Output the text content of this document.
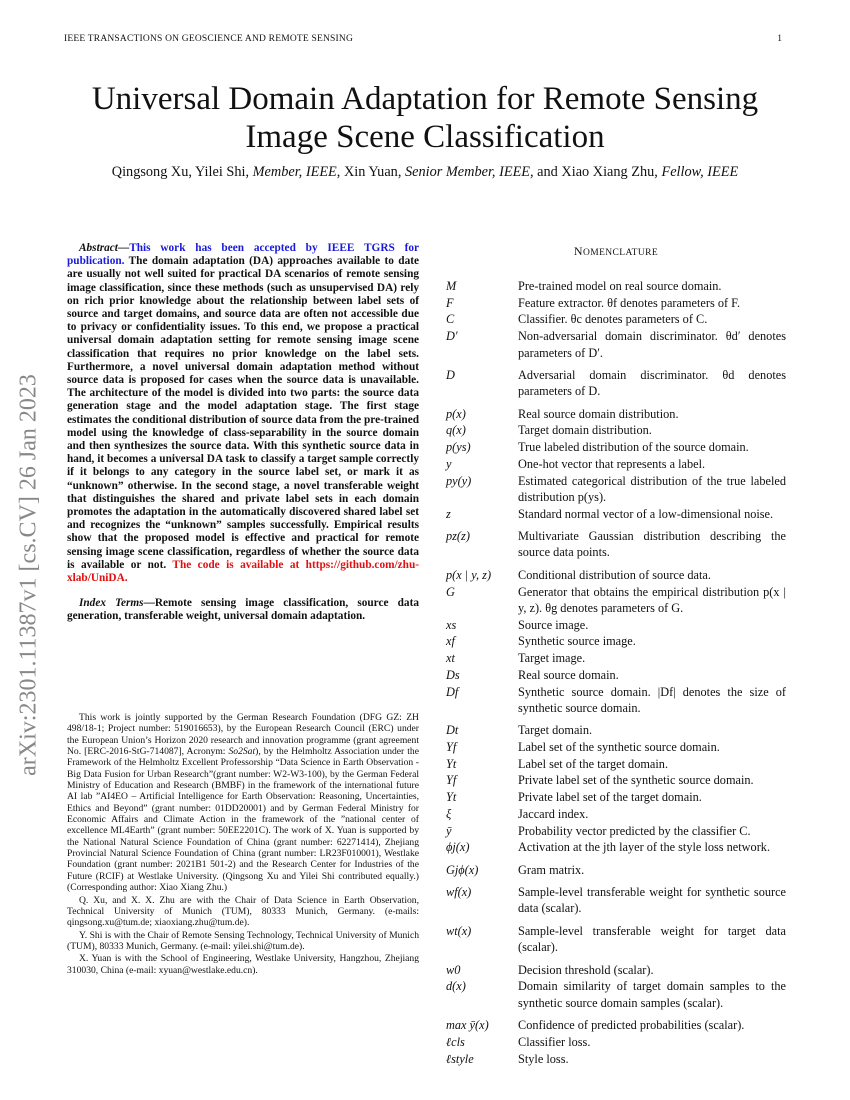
IEEE TRANSACTIONS ON GEOSCIENCE AND REMOTE SENSING	1
arXiv:2301.11387v1 [cs.CV] 26 Jan 2023
Universal Domain Adaptation for Remote Sensing
Image Scene Classification
Qingsong Xu, Yilei Shi, Member, IEEE, Xin Yuan, Senior Member, IEEE, and Xiao Xiang Zhu, Fellow, IEEE

Abstract—This work has been accepted by IEEE TGRS for publication. The domain adaptation (DA) approaches available to date are usually not well suited for practical DA scenarios of remote sensing image classification, since these methods (such as unsupervised DA) rely on rich prior knowledge about the relationship between label sets of source and target domains, and source data are often not accessible due to privacy or confidentiality issues. To this end, we propose a practical universal domain adaptation setting for remote sensing image scene classification that requires no prior knowledge on the label sets. Furthermore, a novel universal domain adaptation method without source data is proposed for cases when the source data is unavailable. The architecture of the model is divided into two parts: the source data generation stage and the model adaptation stage. The first stage estimates the conditional distribution of source data from the pre-trained model using the knowledge of class-separability in the source domain and then synthesizes the source data. With this synthetic source data in hand, it becomes a universal DA task to classify a target sample correctly if it belongs to any category in the source label set, or mark it as “unknown” otherwise. In the second stage, a novel transferable weight that distinguishes the shared and private label sets in each domain promotes the adaptation in the automatically discovered shared label set and recognizes the “unknown” samples successfully. Empirical results show that the proposed model is effective and practical for remote sensing image scene classification, regardless of whether the source data is available or not. The code is available at https://github.com/zhu-xlab/UniDA.

Index Terms—Remote sensing image classification, source data generation, transferable weight, universal domain adaptation.

This work is jointly supported by the German Research Foundation (DFG GZ: ZH 498/18-1; Project number: 519016653), by the European Research Council (ERC) under the European Union’s Horizon 2020 research and innovation programme (grant agreement No. [ERC-2016-StG-714087], Acronym: So2Sat), by the Helmholtz Association under the Framework of the Helmholtz Excellent Professorship “Data Science in Earth Observation - Big Data Fusion for Urban Research”(grant number: W2-W3-100), by the German Federal Ministry of Education and Research (BMBF) in the framework of the international future AI lab ”AI4EO – Artificial Intelligence for Earth Observation: Reasoning, Uncertainties, Ethics and Beyond” (grant number: 01DD20001) and by German Federal Ministry for Economic Affairs and Climate Action in the framework of the ”national center of excellence ML4Earth” (grant number: 50EE2201C). The work of X. Yuan is supported by the National Natural Science Foundation of China (grant number: 62271414), Zhejiang Provincial Natural Science Foundation of China (grant number: LR23F010001), Westlake Foundation (grant number: 2021B1 501-2) and the Research Center for Industries of the Future (RCIF) at Westlake University. (Qingsong Xu and Yilei Shi contributed equally.) (Corresponding author: Xiao Xiang Zhu.)

Q. Xu, and X. X. Zhu are with the Chair of Data Science in Earth Observation, Technical University of Munich (TUM), 80333 Munich, Germany. (e-mails: qingsong.xu@tum.de; xiaoxiang.zhu@tum.de).

Y. Shi is with the Chair of Remote Sensing Technology, Technical University of Munich (TUM), 80333 Munich, Germany. (e-mail: yilei.shi@tum.de).

X. Yuan is with the School of Engineering, Westlake University, Hangzhou, Zhejiang 310030, China (e-mail: xyuan@westlake.edu.cn).

NOMENCLATURE
M	Pre-trained model on real source domain.
F	Feature extractor. θf denotes parameters of F.
C	Classifier. θc denotes parameters of C.
D′	Non-adversarial domain discriminator. θd′ denotes parameters of D′.
D	Adversarial domain discriminator. θd denotes parameters of D.
p(x)	Real source domain distribution.
q(x)	Target domain distribution.
p(ys)	True labeled distribution of the source domain.
y	One-hot vector that represents a label.
py(y)	Estimated categorical distribution of the true labeled distribution p(ys).
z	Standard normal vector of a low-dimensional noise.
pz(z)	Multivariate Gaussian distribution describing the source data points.
p(x | y, z)	Conditional distribution of source data.
G	Generator that obtains the empirical distribution p(x | y, z). θg denotes parameters of G.
xs	Source image.
xf	Synthetic source image.
xt	Target image.
Ds	Real source domain.
Df	Synthetic source domain. |Df| denotes the size of synthetic source domain.
Dt	Target domain.
Yf	Label set of the synthetic source domain.
Yt	Label set of the target domain.
Yf	Private label set of the synthetic source domain.
Yt	Private label set of the target domain.
ξ	Jaccard index.
ȳ	Probability vector predicted by the classifier C.
ϕj(x)	Activation at the jth layer of the style loss network.
Gjϕ(x)	Gram matrix.
wf(x)	Sample-level transferable weight for synthetic source data (scalar).
wt(x)	Sample-level transferable weight for target data (scalar).
w0	Decision threshold (scalar).
d(x)	Domain similarity of target domain samples to the synthetic source domain samples (scalar).
max ȳ(x)	Confidence of predicted probabilities (scalar).
ℓcls	Classifier loss.
ℓstyle	Style loss.
